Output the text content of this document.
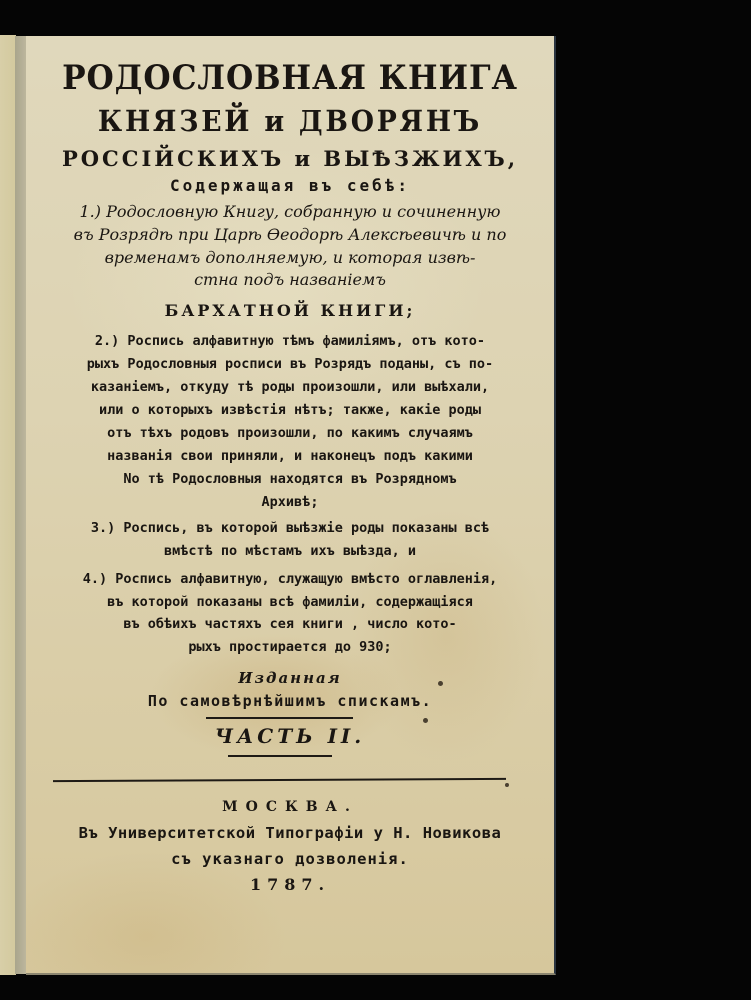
РОДОСЛОВНАЯ КНИГА
КНЯЗЕЙ и ДВОРЯНЪ
РОССІЙСКИХЪ и ВЫѢЗЖИХЪ,
Содержащая въ себѣ:
1.) Родословную Книгу, собранную и сочиненную
въ Розрядѣ при Царѣ Ѳеодорѣ Алексѣевичѣ и по
временамъ дополняемую, и которая извѣ-
стна подъ названіемъ
БАРХАТНОЙ КНИГИ;
2.) Роспись алфавитную тѣмъ фамиліямъ, отъ кото-
рыхъ Родословныя росписи въ Розрядъ поданы, съ по-
казаніемъ, откуду тѣ роды произошли, или выѣхали,
или о которыхъ извѣстія нѣтъ; также, какіе роды
отъ тѣхъ родовъ произошли, по какимъ случаямъ
названія свои приняли, и наконецъ подъ какими
No тѣ Родословныя находятся въ Розрядномъ
Архивѣ;
3.) Роспись, въ которой выѣзжіе роды показаны всѣ
вмѣстѣ по мѣстамъ ихъ выѣзда, и
4.) Роспись алфавитную, служащую вмѣсто оглавленія,
въ которой показаны всѣ фамиліи, содержащіяся
въ обѣихъ частяхъ сея книги , число кото-
рыхъ простирается до 930;
Изданная
По самовѣрнѣйшимъ спискамъ.
ЧАСТЬ II.
МОСКВА.
Въ Университетской Типографіи у Н. Новикова
съ указнаго дозволенія.
1787.
